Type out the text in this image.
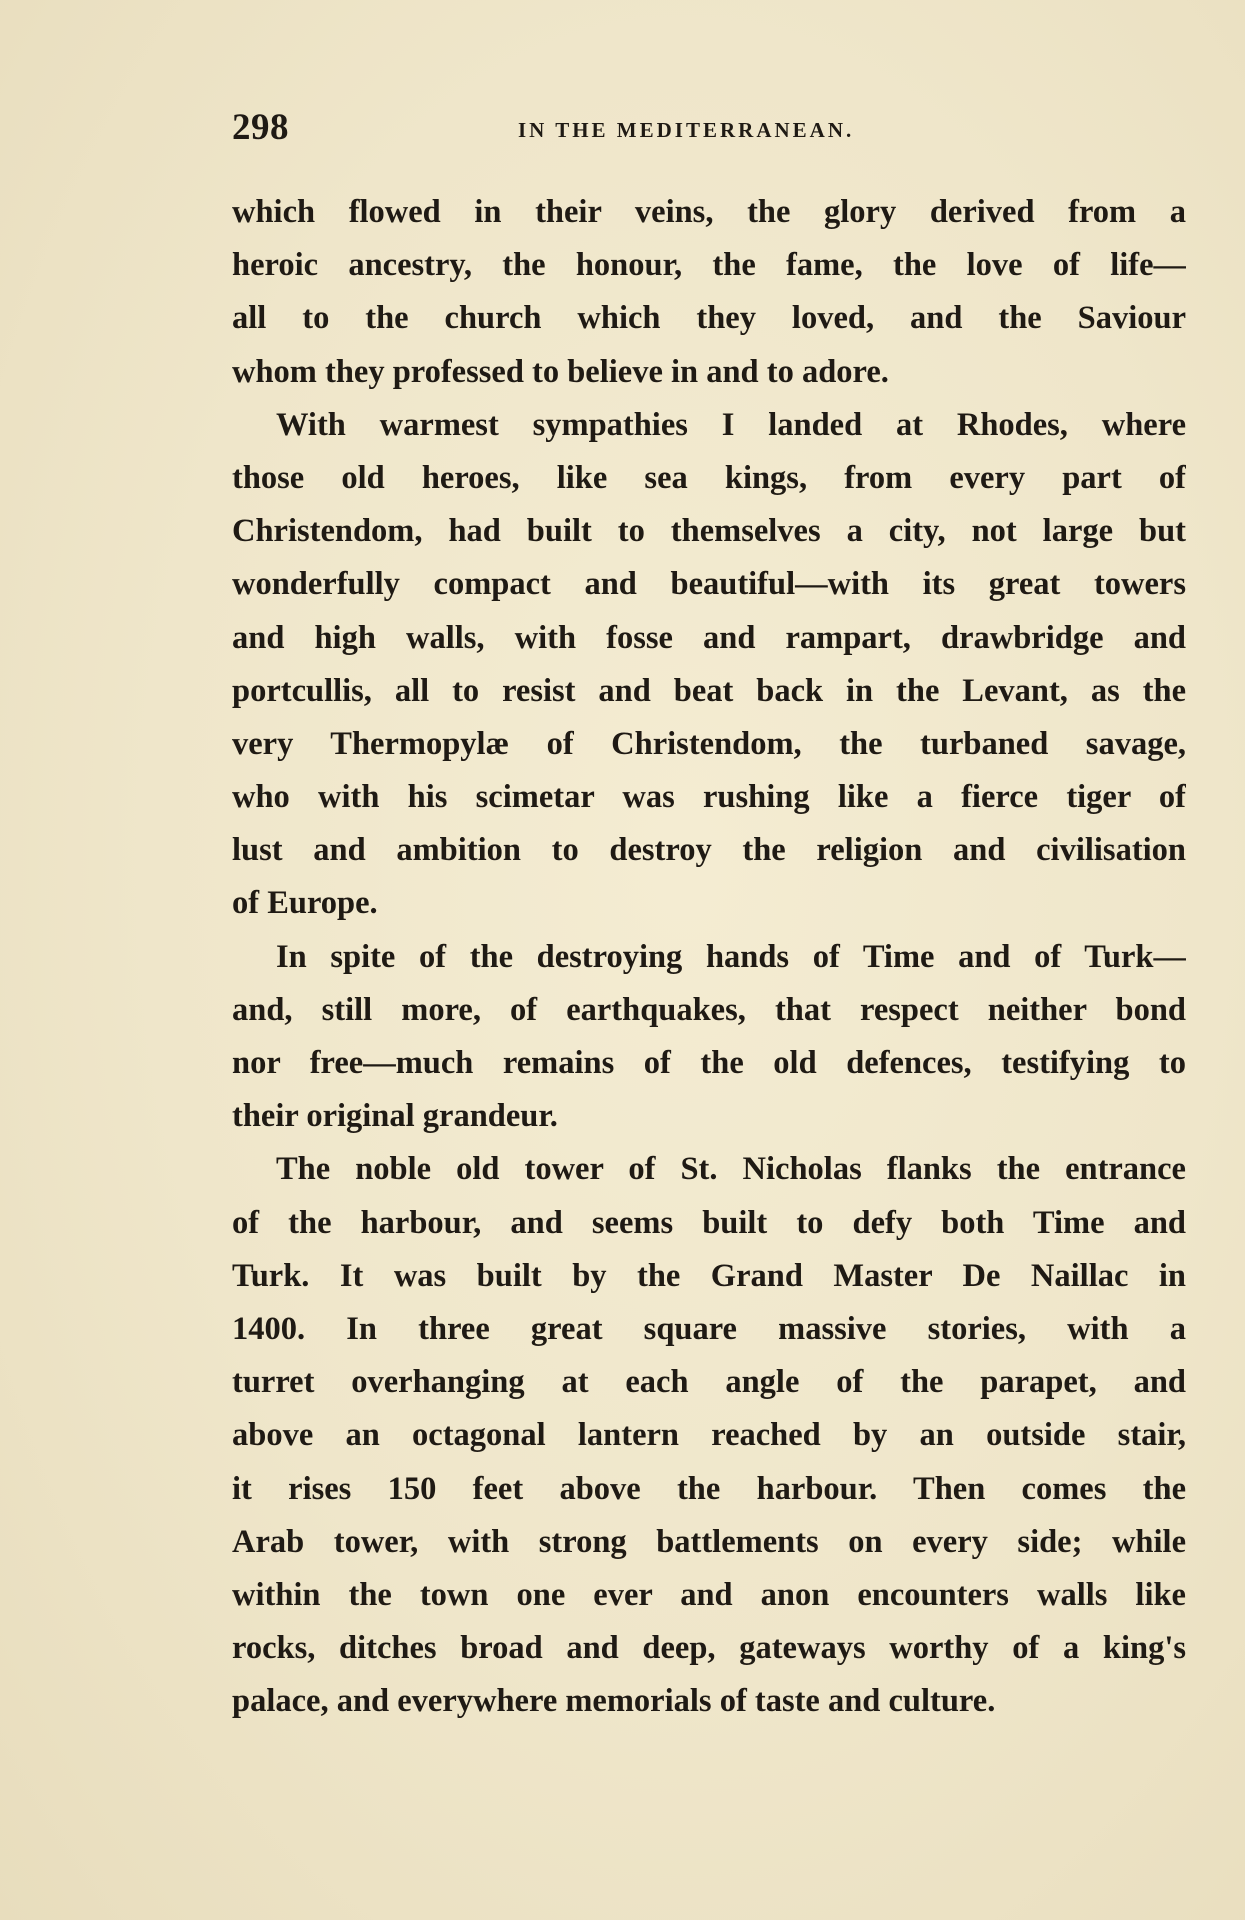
298	IN THE MEDITERRANEAN.
which flowed in their veins, the glory derived from a
heroic ancestry, the honour, the fame, the love of life—
all to the church which they loved, and the Saviour
whom they professed to believe in and to adore.
With warmest sympathies I landed at Rhodes, where
those old heroes, like sea kings, from every part of
Christendom, had built to themselves a city, not large but
wonderfully compact and beautiful—with its great towers
and high walls, with fosse and rampart, drawbridge and
portcullis, all to resist and beat back in the Levant, as the
very Thermopylæ of Christendom, the turbaned savage,
who with his scimetar was rushing like a fierce tiger of
lust and ambition to destroy the religion and civilisation
of Europe.
In spite of the destroying hands of Time and of Turk—
and, still more, of earthquakes, that respect neither bond
nor free—much remains of the old defences, testifying to
their original grandeur.
The noble old tower of St. Nicholas flanks the entrance
of the harbour, and seems built to defy both Time and
Turk. It was built by the Grand Master De Naillac in
1400. In three great square massive stories, with a
turret overhanging at each angle of the parapet, and
above an octagonal lantern reached by an outside stair,
it rises 150 feet above the harbour. Then comes the
Arab tower, with strong battlements on every side; while
within the town one ever and anon encounters walls like
rocks, ditches broad and deep, gateways worthy of a king's
palace, and everywhere memorials of taste and culture.
